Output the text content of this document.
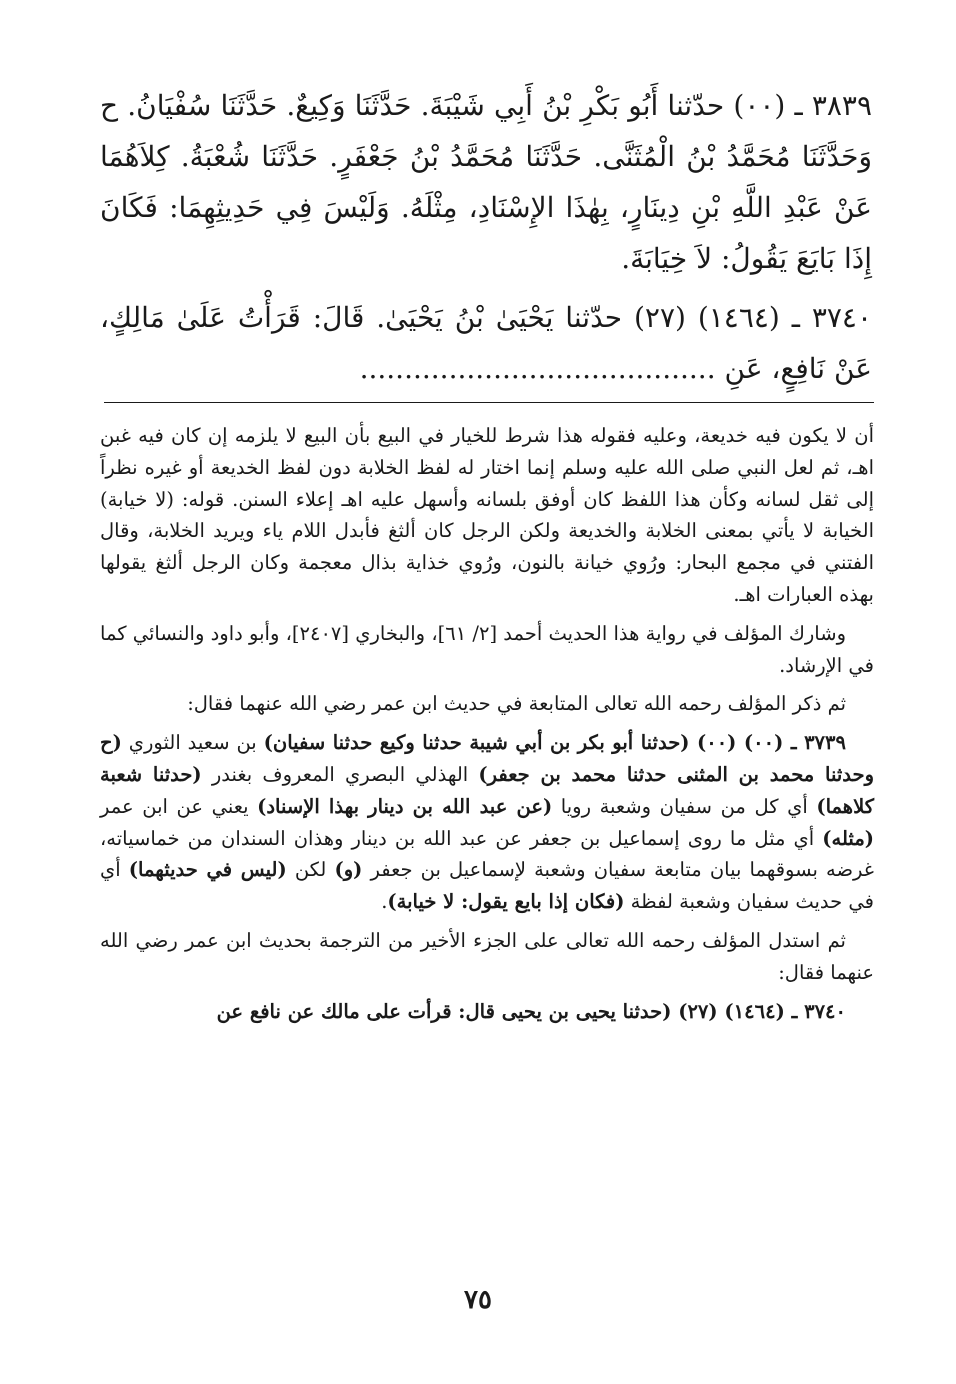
٣٨٣٩ ـ (٠٠) حدّثنا أَبُو بَكْرِ بْنُ أَبِي شَيْبَةَ. حَدَّثَنَا وَكِيعٌ. حَدَّثَنَا سُفْيَانُ. ح وَحَدَّثَنَا مُحَمَّدُ بْنُ الْمُثَنَّى. حَدَّثَنَا مُحَمَّدُ بْنُ جَعْفَرٍ. حَدَّثَنَا شُعْبَةُ. كِلاَهُمَا عَنْ عَبْدِ اللَّهِ بْنِ دِينَارٍ، بِهٰذَا الإِسْنَادِ، مِثْلَهُ. وَلَيْسَ فِي حَدِيثِهِمَا: فَكَانَ إِذَا بَايَعَ يَقُولُ: لاَ خِيَابَةَ.

٣٧٤٠ ـ (١٤٦٤) (٢٧) حدّثنا يَحْيَىٰ بْنُ يَحْيَىٰ. قَالَ: قَرَأْتُ عَلَىٰ مَالِكٍ، عَنْ نَافِعٍ، عَنِ ........................................

أن لا يكون فيه خديعة، وعليه فقوله هذا شرط للخيار في البيع بأن البيع لا يلزمه إن كان فيه غبن اهـ، ثم لعل النبي صلى الله عليه وسلم إنما اختار له لفظ الخلابة دون لفظ الخديعة أو غيره نظراً إلى ثقل لسانه وكأن هذا اللفظ كان أوفق بلسانه وأسهل عليه اهـ إعلاء السنن. قوله: (لا خيابة) الخيابة لا يأتي بمعنى الخلابة والخديعة ولكن الرجل كان ألثغ فأبدل اللام ياء ويريد الخلابة، وقال الفتني في مجمع البحار: ورُوي خيانة بالنون، ورُوي خذاية بذال معجمة وكان الرجل ألثغ يقولها بهذه العبارات اهـ.

وشارك المؤلف في رواية هذا الحديث أحمد [٢/ ٦١]، والبخاري [٢٤٠٧]، وأبو داود والنسائي كما في الإرشاد.

ثم ذكر المؤلف رحمه الله تعالى المتابعة في حديث ابن عمر رضي الله عنهما فقال:

٣٧٣٩ ـ (٠٠) (٠٠) (حدثنا أبو بكر بن أبي شيبة حدثنا وكيع حدثنا سفيان) بن سعيد الثوري (ح وحدثنا محمد بن المثنى حدثنا محمد بن جعفر) الهذلي البصري المعروف بغندر (حدثنا شعبة كلاهما) أي كل من سفيان وشعبة رويا (عن عبد الله بن دينار بهذا الإسناد) يعني عن ابن عمر (مثله) أي مثل ما روى إسماعيل بن جعفر عن عبد الله بن دينار وهذان السندان من خماسياته، غرضه بسوقهما بيان متابعة سفيان وشعبة لإسماعيل بن جعفر (و) لكن (ليس في حديثهما) أي في حديث سفيان وشعبة لفظة (فكان إذا بايع يقول: لا خيابة).

ثم استدل المؤلف رحمه الله تعالى على الجزء الأخير من الترجمة بحديث ابن عمر رضي الله عنهما فقال:

٣٧٤٠ ـ (١٤٦٤) (٢٧) (حدثنا يحيى بن يحيى قال: قرأت على مالك عن نافع عن

٧٥
